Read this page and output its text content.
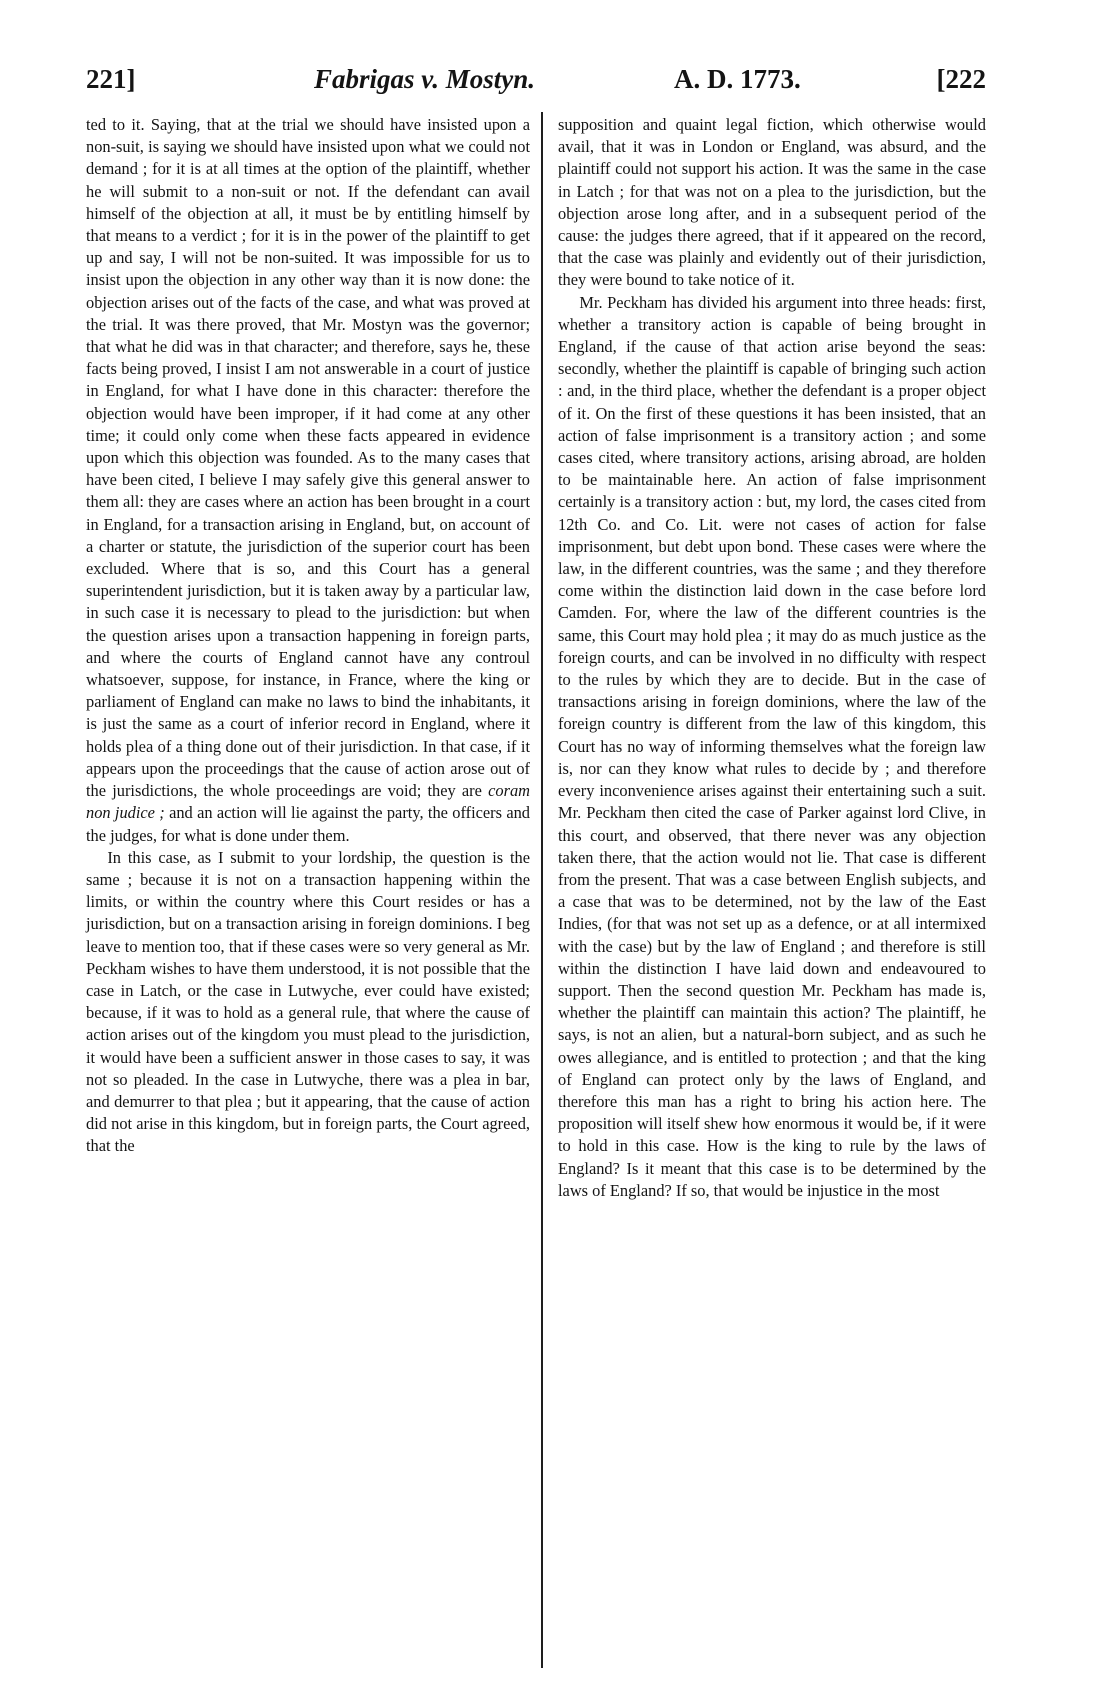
221]	Fabrigas v. Mostyn.	A. D. 1773.	[222

ted to it. Saying, that at the trial we should have insisted upon a non-suit, is saying we should have insisted upon what we could not demand ; for it is at all times at the option of the plaintiff, whether he will submit to a non-suit or not. If the defendant can avail himself of the objection at all, it must be by entitling himself by that means to a verdict ; for it is in the power of the plaintiff to get up and say, I will not be non-suited. It was impossible for us to insist upon the objection in any other way than it is now done: the objection arises out of the facts of the case, and what was proved at the trial. It was there proved, that Mr. Mostyn was the governor; that what he did was in that character; and therefore, says he, these facts being proved, I insist I am not answerable in a court of justice in England, for what I have done in this character: therefore the objection would have been improper, if it had come at any other time; it could only come when these facts appeared in evidence upon which this objection was founded. As to the many cases that have been cited, I believe I may safely give this general answer to them all: they are cases where an action has been brought in a court in England, for a transaction arising in England, but, on account of a charter or statute, the jurisdiction of the superior court has been excluded. Where that is so, and this Court has a general superintendent jurisdiction, but it is taken away by a particular law, in such case it is necessary to plead to the jurisdiction: but when the question arises upon a transaction happening in foreign parts, and where the courts of England cannot have any controul whatsoever, suppose, for instance, in France, where the king or parliament of England can make no laws to bind the inhabitants, it is just the same as a court of inferior record in England, where it holds plea of a thing done out of their jurisdiction. In that case, if it appears upon the proceedings that the cause of action arose out of the jurisdictions, the whole proceedings are void; they are coram non judice ; and an action will lie against the party, the officers and the judges, for what is done under them.

In this case, as I submit to your lordship, the question is the same ; because it is not on a transaction happening within the limits, or within the country where this Court resides or has a jurisdiction, but on a transaction arising in foreign dominions. I beg leave to mention too, that if these cases were so very general as Mr. Peckham wishes to have them understood, it is not possible that the case in Latch, or the case in Lutwyche, ever could have existed; because, if it was to hold as a general rule, that where the cause of action arises out of the kingdom you must plead to the jurisdiction, it would have been a sufficient answer in those cases to say, it was not so pleaded. In the case in Lutwyche, there was a plea in bar, and demurrer to that plea ; but it appearing, that the cause of action did not arise in this kingdom, but in foreign parts, the Court agreed, that the

supposition and quaint legal fiction, which otherwise would avail, that it was in London or England, was absurd, and the plaintiff could not support his action. It was the same in the case in Latch ; for that was not on a plea to the jurisdiction, but the objection arose long after, and in a subsequent period of the cause: the judges there agreed, that if it appeared on the record, that the case was plainly and evidently out of their jurisdiction, they were bound to take notice of it.

Mr. Peckham has divided his argument into three heads: first, whether a transitory action is capable of being brought in England, if the cause of that action arise beyond the seas: secondly, whether the plaintiff is capable of bringing such action : and, in the third place, whether the defendant is a proper object of it. On the first of these questions it has been insisted, that an action of false imprisonment is a transitory action ; and some cases cited, where transitory actions, arising abroad, are holden to be maintainable here. An action of false imprisonment certainly is a transitory action : but, my lord, the cases cited from 12th Co. and Co. Lit. were not cases of action for false imprisonment, but debt upon bond. These cases were where the law, in the different countries, was the same ; and they therefore come within the distinction laid down in the case before lord Camden. For, where the law of the different countries is the same, this Court may hold plea ; it may do as much justice as the foreign courts, and can be involved in no difficulty with respect to the rules by which they are to decide. But in the case of transactions arising in foreign dominions, where the law of the foreign country is different from the law of this kingdom, this Court has no way of informing themselves what the foreign law is, nor can they know what rules to decide by ; and therefore every inconvenience arises against their entertaining such a suit. Mr. Peckham then cited the case of Parker against lord Clive, in this court, and observed, that there never was any objection taken there, that the action would not lie. That case is different from the present. That was a case between English subjects, and a case that was to be determined, not by the law of the East Indies, (for that was not set up as a defence, or at all intermixed with the case) but by the law of England ; and therefore is still within the distinction I have laid down and endeavoured to support. Then the second question Mr. Peckham has made is, whether the plaintiff can maintain this action? The plaintiff, he says, is not an alien, but a natural-born subject, and as such he owes allegiance, and is entitled to protection ; and that the king of England can protect only by the laws of England, and therefore this man has a right to bring his action here. The proposition will itself shew how enormous it would be, if it were to hold in this case. How is the king to rule by the laws of England? Is it meant that this case is to be determined by the laws of England? If so, that would be injustice in the most
